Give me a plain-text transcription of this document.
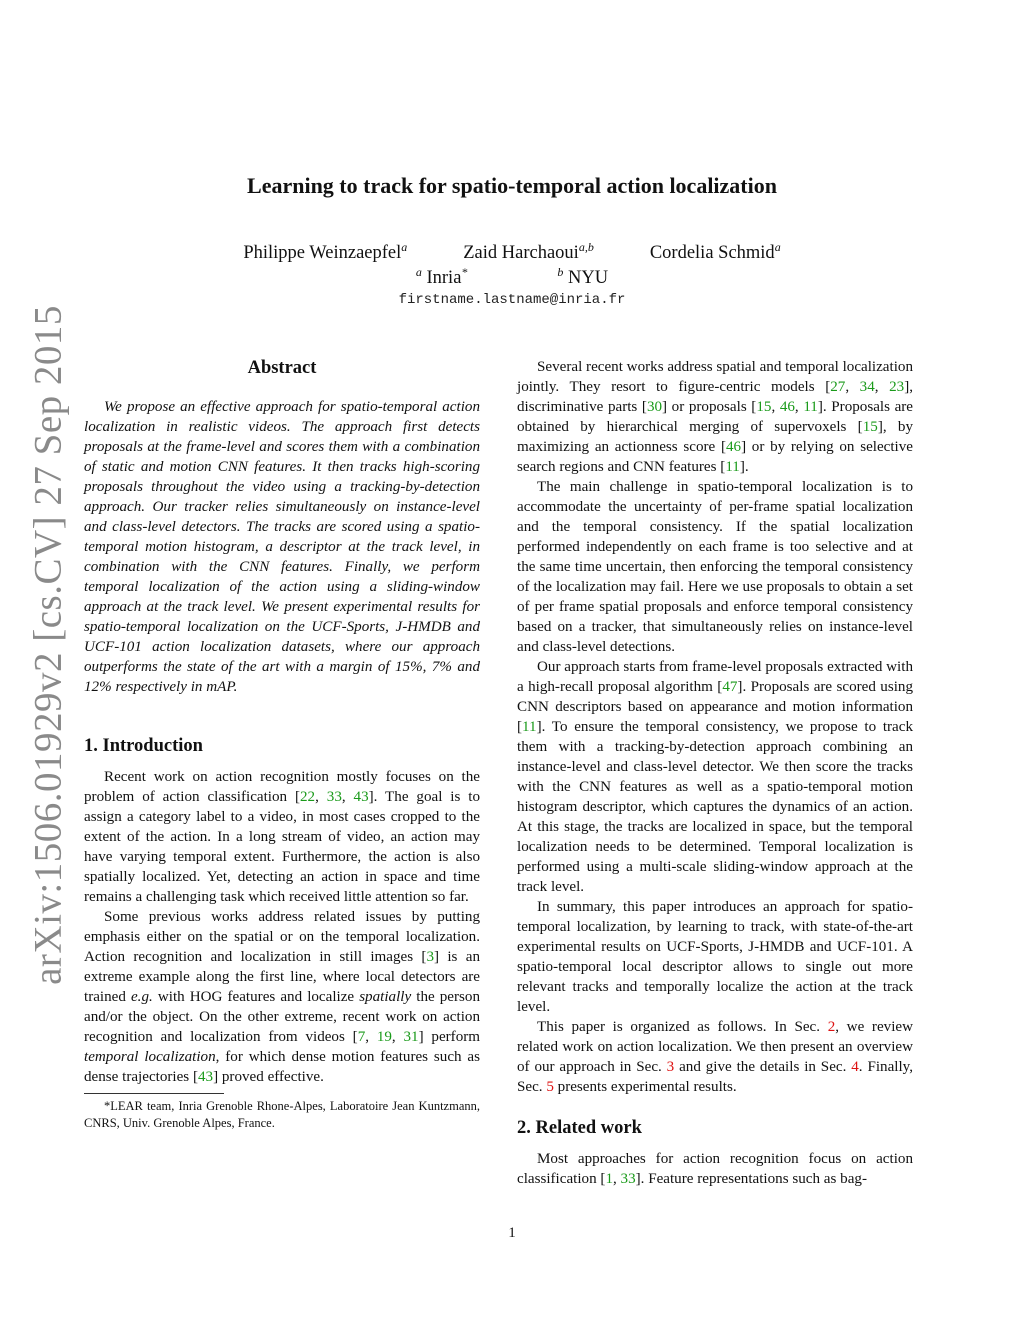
arXiv:1506.01929v2 [cs.CV] 27 Sep 2015
Learning to track for spatio-temporal action localization
Philippe Weinzaepfel$^a$	Zaid Harchaoui$^{a,b}$	Cordelia Schmid$^a$
$^a$ Inria*	$^b$ NYU
firstname.lastname@inria.fr
Abstract

We propose an effective approach for spatio-temporal action localization in realistic videos. The approach first detects proposals at the frame-level and scores them with a combination of static and motion CNN features. It then tracks high-scoring proposals throughout the video using a tracking-by-detection approach. Our tracker relies simultaneously on instance-level and class-level detectors. The tracks are scored using a spatio-temporal motion histogram, a descriptor at the track level, in combination with the CNN features. Finally, we perform temporal localization of the action using a sliding-window approach at the track level. We present experimental results for spatio-temporal localization on the UCF-Sports, J-HMDB and UCF-101 action localization datasets, where our approach outperforms the state of the art with a margin of 15%, 7% and 12% respectively in mAP.

1. Introduction

Recent work on action recognition mostly focuses on the problem of action classification [22, 33, 43]. The goal is to assign a category label to a video, in most cases cropped to the extent of the action. In a long stream of video, an action may have varying temporal extent. Furthermore, the action is also spatially localized. Yet, detecting an action in space and time remains a challenging task which received little attention so far.

Some previous works address related issues by putting emphasis either on the spatial or on the temporal localization. Action recognition and localization in still images [3] is an extreme example along the first line, where local detectors are trained e.g. with HOG features and localize spatially the person and/or the object. On the other extreme, recent work on action recognition and localization from videos [7, 19, 31] perform temporal localization, for which dense motion features such as dense trajectories [43] proved effective.

*LEAR team, Inria Grenoble Rhone-Alpes, Laboratoire Jean Kuntzmann, CNRS, Univ. Grenoble Alpes, France.

Several recent works address spatial and temporal localization jointly. They resort to figure-centric models [27, 34, 23], discriminative parts [30] or proposals [15, 46, 11]. Proposals are obtained by hierarchical merging of supervoxels [15], by maximizing an actionness score [46] or by relying on selective search regions and CNN features [11].

The main challenge in spatio-temporal localization is to accommodate the uncertainty of per-frame spatial localization and the temporal consistency. If the spatial localization performed independently on each frame is too selective and at the same time uncertain, then enforcing the temporal consistency of the localization may fail. Here we use proposals to obtain a set of per frame spatial proposals and enforce temporal consistency based on a tracker, that simultaneously relies on instance-level and class-level detections.

Our approach starts from frame-level proposals extracted with a high-recall proposal algorithm [47]. Proposals are scored using CNN descriptors based on appearance and motion information [11]. To ensure the temporal consistency, we propose to track them with a tracking-by-detection approach combining an instance-level and class-level detector. We then score the tracks with the CNN features as well as a spatio-temporal motion histogram descriptor, which captures the dynamics of an action. At this stage, the tracks are localized in space, but the temporal localization needs to be determined. Temporal localization is performed using a multi-scale sliding-window approach at the track level.

In summary, this paper introduces an approach for spatio-temporal localization, by learning to track, with state-of-the-art experimental results on UCF-Sports, J-HMDB and UCF-101. A spatio-temporal local descriptor allows to single out more relevant tracks and temporally localize the action at the track level.

This paper is organized as follows. In Sec. 2, we review related work on action localization. We then present an overview of our approach in Sec. 3 and give the details in Sec. 4. Finally, Sec. 5 presents experimental results.

2. Related work

Most approaches for action recognition focus on action classification [1, 33]. Feature representations such as bag-

1
